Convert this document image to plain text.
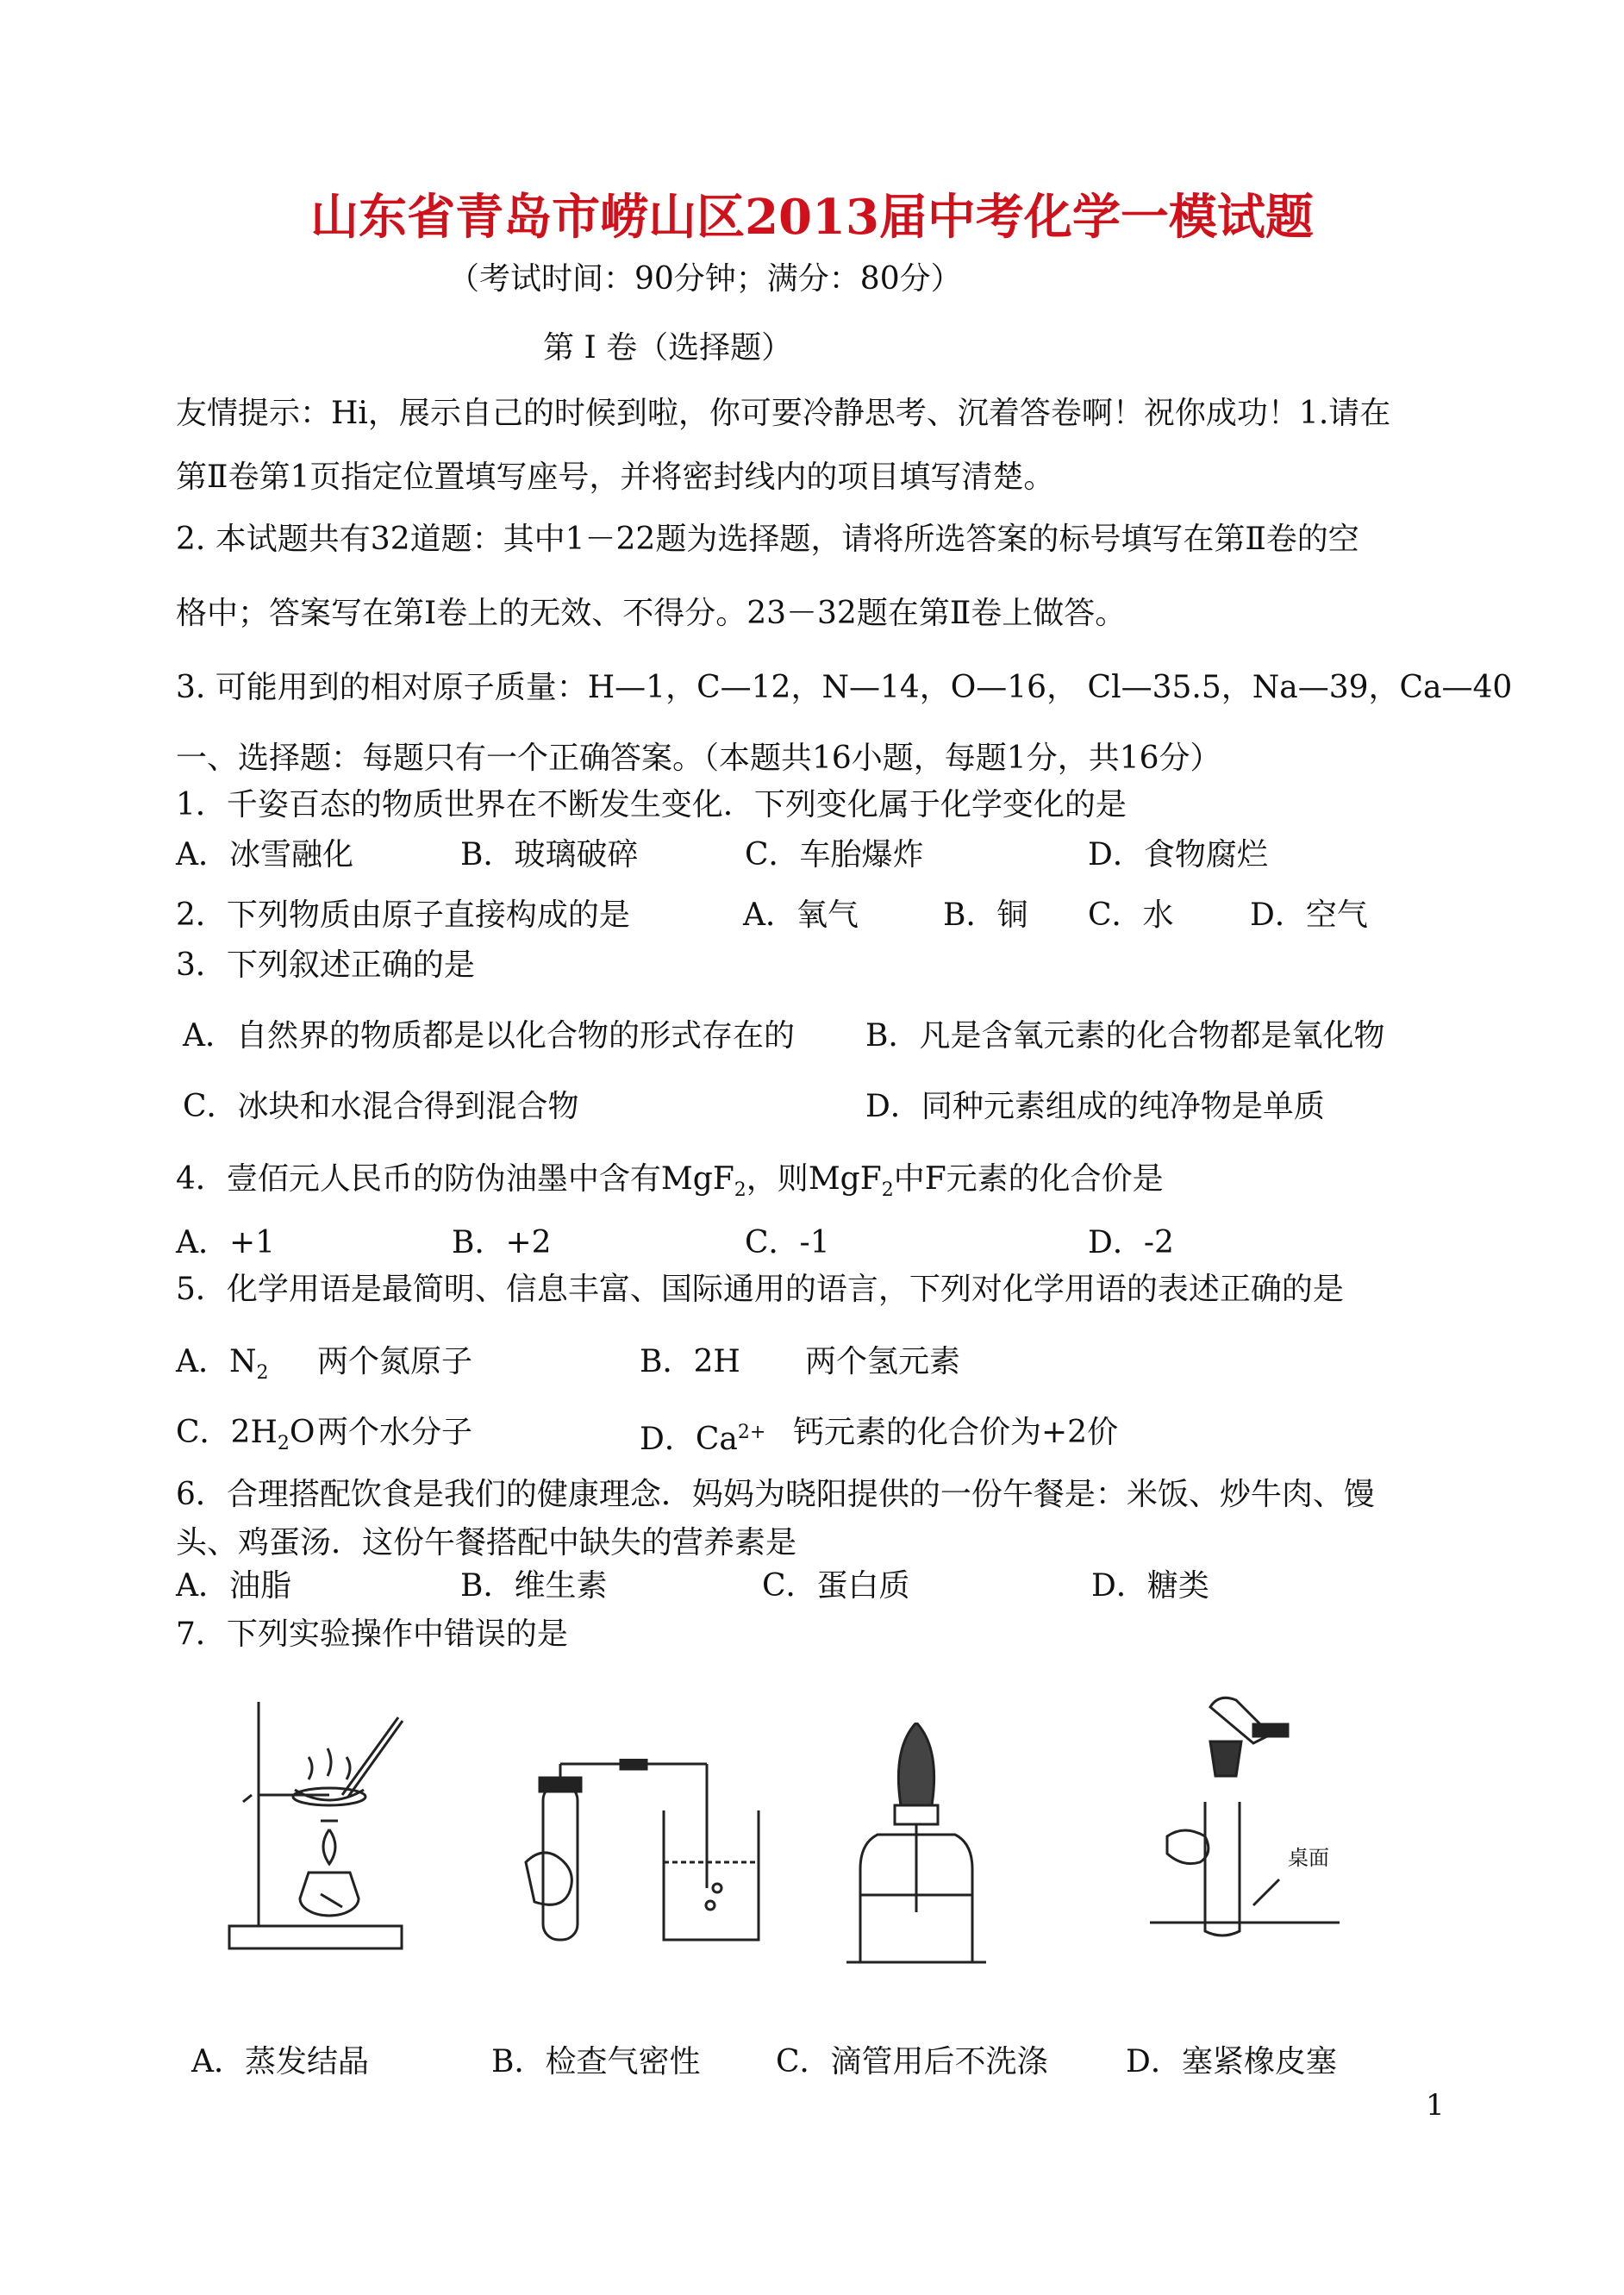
山东省青岛市崂山区2013届中考化学一模试题
（考试时间：90分钟；满分：80分）
第 Ⅰ 卷（选择题）
友情提示：Hi，展示自己的时候到啦，你可要冷静思考、沉着答卷啊！祝你成功！1.请在
第Ⅱ卷第1页指定位置填写座号，并将密封线内的项目填写清楚。
2. 本试题共有32道题：其中1－22题为选择题，请将所选答案的标号填写在第Ⅱ卷的空
格中；答案写在第Ⅰ卷上的无效、不得分。23－32题在第Ⅱ卷上做答。
3. 可能用到的相对原子质量：H—1，C—12，N—14，O—16， Cl—35.5，Na—39，Ca—40
一、选择题：每题只有一个正确答案。（本题共16小题，每题1分，共16分）
1．千姿百态的物质世界在不断发生变化．下列变化属于化学变化的是
A．冰雪融化	B．玻璃破碎	C．车胎爆炸	D．食物腐烂
2．下列物质由原子直接构成的是	A．氧气	B．铜 C．水 D．空气
3．下列叙述正确的是
A．自然界的物质都是以化合物的形式存在的 B．凡是含氧元素的化合物都是氧化物
C．冰块和水混合得到混合物	D．同种元素组成的纯净物是单质
4．壹佰元人民币的防伪油墨中含有MgF$_2$，则MgF$_2$中F元素的化合价是
A．+1	B．+2	C．-1	D．-2
5．化学用语是最简明、信息丰富、国际通用的语言，下列对化学用语的表述正确的是
A．$N_2$ 两个氮原子	B．2H 两个氢元素
C．$2H_2O$ 两个水分子	D．$Ca^{2+}$ 钙元素的化合价为+2价
6．合理搭配饮食是我们的健康理念．妈妈为晓阳提供的一份午餐是：米饭、炒牛肉、馒
头、鸡蛋汤．这份午餐搭配中缺失的营养素是
A．油脂	B．维生素	C．蛋白质	D．糖类
7．下列实验操作中错误的是
桌面
A．蒸发结晶	B．检查气密性 C．滴管用后不洗涤	D．塞紧橡皮塞
1
